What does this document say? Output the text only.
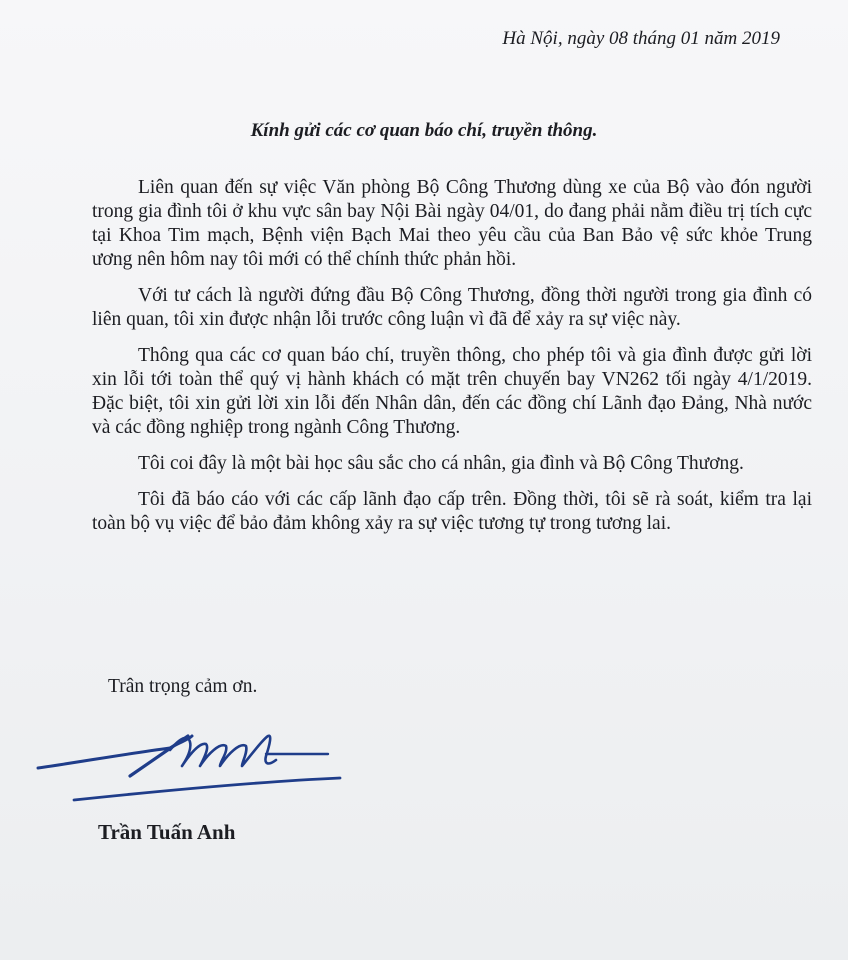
Hà Nội, ngày 08 tháng 01 năm 2019
Kính gửi các cơ quan báo chí, truyền thông.

Liên quan đến sự việc Văn phòng Bộ Công Thương dùng xe của Bộ vào đón người trong gia đình tôi ở khu vực sân bay Nội Bài ngày 04/01, do đang phải nằm điều trị tích cực tại Khoa Tim mạch, Bệnh viện Bạch Mai theo yêu cầu của Ban Bảo vệ sức khỏe Trung ương nên hôm nay tôi mới có thể chính thức phản hồi.

Với tư cách là người đứng đầu Bộ Công Thương, đồng thời người trong gia đình có liên quan, tôi xin được nhận lỗi trước công luận vì đã để xảy ra sự việc này.

Thông qua các cơ quan báo chí, truyền thông, cho phép tôi và gia đình được gửi lời xin lỗi tới toàn thể quý vị hành khách có mặt trên chuyến bay VN262 tối ngày 4/1/2019. Đặc biệt, tôi xin gửi lời xin lỗi đến Nhân dân, đến các đồng chí Lãnh đạo Đảng, Nhà nước và các đồng nghiệp trong ngành Công Thương.

Tôi coi đây là một bài học sâu sắc cho cá nhân, gia đình và Bộ Công Thương.

Tôi đã báo cáo với các cấp lãnh đạo cấp trên. Đồng thời, tôi sẽ rà soát, kiểm tra lại toàn bộ vụ việc để bảo đảm không xảy ra sự việc tương tự trong tương lai.

Trân trọng cảm ơn.
Trần Tuấn Anh
